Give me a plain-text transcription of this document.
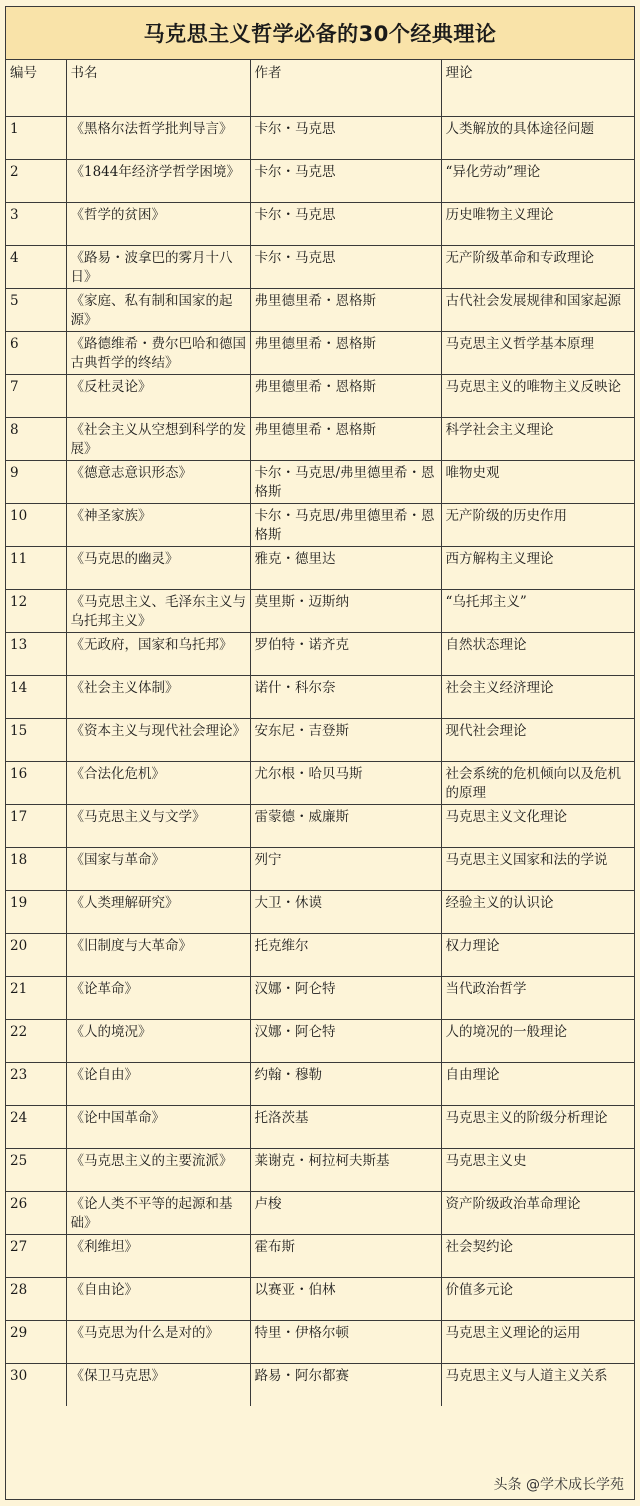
马克思主义哲学必备的30个经典理论
编号	书名	作者	理论
1	《黑格尔法哲学批判导言》	卡尔・马克思	人类解放的具体途径问题
2	《1844年经济学哲学困境》	卡尔・马克思	“异化劳动”理论
3	《哲学的贫困》	卡尔・马克思	历史唯物主义理论
4	《路易・波拿巴的雾月十八日》	卡尔・马克思	无产阶级革命和专政理论
5	《家庭、私有制和国家的起源》	弗里德里希・恩格斯	古代社会发展规律和国家起源
6	《路德维希・费尔巴哈和德国古典哲学的终结》	弗里德里希・恩格斯	马克思主义哲学基本原理
7	《反杜灵论》	弗里德里希・恩格斯	马克思主义的唯物主义反映论
8	《社会主义从空想到科学的发展》	弗里德里希・恩格斯	科学社会主义理论
9	《德意志意识形态》	卡尔・马克思/弗里德里希・恩格斯	唯物史观
10	《神圣家族》	卡尔・马克思/弗里德里希・恩格斯	无产阶级的历史作用
11	《马克思的幽灵》	雅克・德里达	西方解构主义理论
12	《马克思主义、毛泽东主义与乌托邦主义》	莫里斯・迈斯纳	“乌托邦主义”
13	《无政府，国家和乌托邦》	罗伯特・诺齐克	自然状态理论
14	《社会主义体制》	诺什・科尔奈	社会主义经济理论
15	《资本主义与现代社会理论》	安东尼・吉登斯	现代社会理论
16	《合法化危机》	尤尔根・哈贝马斯	社会系统的危机倾向以及危机的原理
17	《马克思主义与文学》	雷蒙德・威廉斯	马克思主义文化理论
18	《国家与革命》	列宁	马克思主义国家和法的学说
19	《人类理解研究》	大卫・休谟	经验主义的认识论
20	《旧制度与大革命》	托克维尔	权力理论
21	《论革命》	汉娜・阿仑特	当代政治哲学
22	《人的境况》	汉娜・阿仑特	人的境况的一般理论
23	《论自由》	约翰・穆勒	自由理论
24	《论中国革命》	托洛茨基	马克思主义的阶级分析理论
25	《马克思主义的主要流派》	莱谢克・柯拉柯夫斯基	马克思主义史
26	《论人类不平等的起源和基础》	卢梭	资产阶级政治革命理论
27	《利维坦》	霍布斯	社会契约论
28	《自由论》	以赛亚・伯林	价值多元论
29	《马克思为什么是对的》	特里・伊格尔顿	马克思主义理论的运用
30	《保卫马克思》	路易・阿尔都赛	马克思主义与人道主义关系
头条 @学术成长学苑
